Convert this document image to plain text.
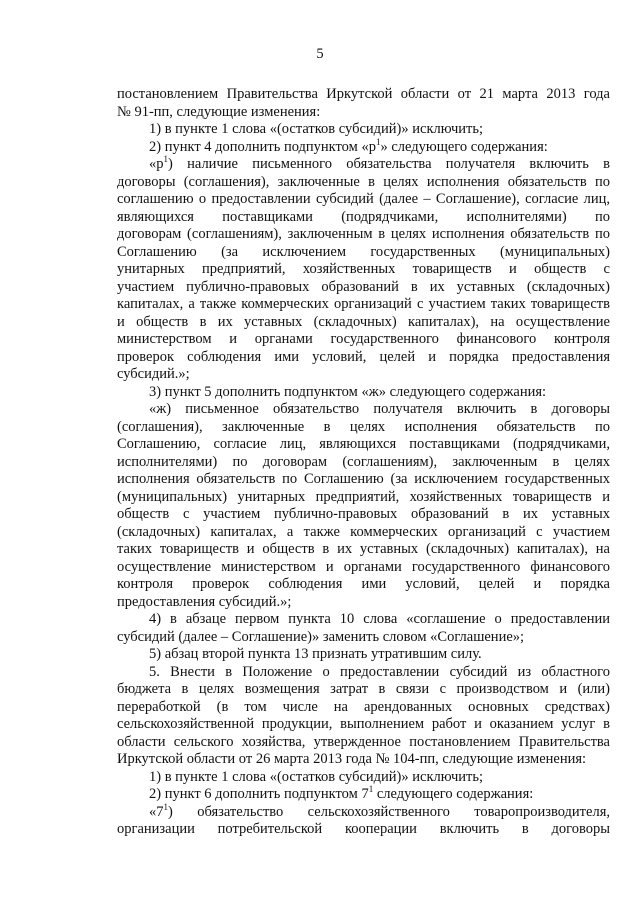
5

постановлением Правительства Иркутской области от 21 марта 2013 года

№ 91-пп, следующие изменения:

1) в пункте 1 слова «(остатков субсидий)» исключить;

2) пункт 4 дополнить подпунктом «$р^1$» следующего содержания:

«$р^1$) наличие письменного обязательства получателя включить в

договоры (соглашения), заключенные в целях исполнения обязательств по

соглашению о предоставлении субсидий (далее – Соглашение), согласие лиц,

являющихся поставщиками (подрядчиками, исполнителями) по

договорам (соглашениям), заключенным в целях исполнения обязательств по

Соглашению (за исключением государственных (муниципальных)

унитарных предприятий, хозяйственных товариществ и обществ с

участием публично-правовых образований в их уставных (складочных)

капиталах, а также коммерческих организаций с участием таких товариществ

и обществ в их уставных (складочных) капиталах), на осуществление

министерством и органами государственного финансового контроля

проверок соблюдения ими условий, целей и порядка предоставления

субсидий.»;

3) пункт 5 дополнить подпунктом «ж» следующего содержания:

«ж) письменное обязательство получателя включить в договоры

(соглашения), заключенные в целях исполнения обязательств по

Соглашению, согласие лиц, являющихся поставщиками (подрядчиками,

исполнителями) по договорам (соглашениям), заключенным в целях

исполнения обязательств по Соглашению (за исключением государственных

(муниципальных) унитарных предприятий, хозяйственных товариществ и

обществ с участием публично-правовых образований в их уставных

(складочных) капиталах, а также коммерческих организаций с участием

таких товариществ и обществ в их уставных (складочных) капиталах), на

осуществление министерством и органами государственного финансового

контроля проверок соблюдения ими условий, целей и порядка

предоставления субсидий.»;

4) в абзаце первом пункта 10 слова «соглашение о предоставлении

субсидий (далее – Соглашение)» заменить словом «Соглашение»;

5) абзац второй пункта 13 признать утратившим силу.

5. Внести в Положение о предоставлении субсидий из областного

бюджета в целях возмещения затрат в связи с производством и (или)

переработкой (в том числе на арендованных основных средствах)

сельскохозяйственной продукции, выполнением работ и оказанием услуг в

области сельского хозяйства, утвержденное постановлением Правительства

Иркутской области от 26 марта 2013 года № 104-пп, следующие изменения:

1) в пункте 1 слова «(остатков субсидий)» исключить;

2) пункт 6 дополнить подпунктом $7^1$ следующего содержания:

«$7^1$) обязательство сельскохозяйственного товаропроизводителя,

организации потребительской кооперации включить в договоры
